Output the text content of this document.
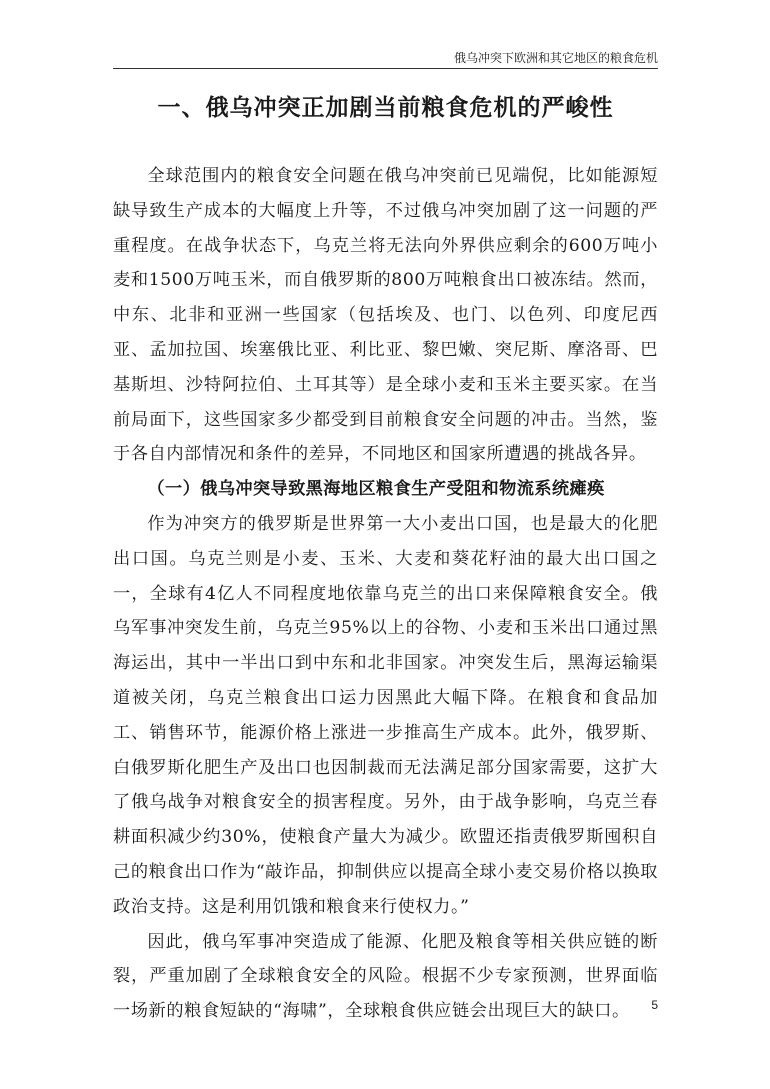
俄乌冲突下欧洲和其它地区的粮食危机
一、俄乌冲突正加剧当前粮食危机的严峻性

全球范围内的粮食安全问题在俄乌冲突前已见端倪，比如能源短缺导致生产成本的大幅度上升等，不过俄乌冲突加剧了这一问题的严重程度。在战争状态下，乌克兰将无法向外界供应剩余的600万吨小麦和1500万吨玉米，而自俄罗斯的800万吨粮食出口被冻结。然而，中东、北非和亚洲一些国家（包括埃及、也门、以色列、印度尼西亚、孟加拉国、埃塞俄比亚、利比亚、黎巴嫩、突尼斯、摩洛哥、巴基斯坦、沙特阿拉伯、土耳其等）是全球小麦和玉米主要买家。在当前局面下，这些国家多少都受到目前粮食安全问题的冲击。当然，鉴于各自内部情况和条件的差异，不同地区和国家所遭遇的挑战各异。

（一）俄乌冲突导致黑海地区粮食生产受阻和物流系统瘫痪

作为冲突方的俄罗斯是世界第一大小麦出口国，也是最大的化肥出口国。乌克兰则是小麦、玉米、大麦和葵花籽油的最大出口国之一，全球有4亿人不同程度地依靠乌克兰的出口来保障粮食安全。俄乌军事冲突发生前，乌克兰95%以上的谷物、小麦和玉米出口通过黑海运出，其中一半出口到中东和北非国家。冲突发生后，黑海运输渠道被关闭，乌克兰粮食出口运力因黑此大幅下降。在粮食和食品加工、销售环节，能源价格上涨进一步推高生产成本。此外，俄罗斯、白俄罗斯化肥生产及出口也因制裁而无法满足部分国家需要，这扩大了俄乌战争对粮食安全的损害程度。另外，由于战争影响，乌克兰春耕面积减少约30%，使粮食产量大为减少。欧盟还指责俄罗斯囤积自己的粮食出口作为“敲诈品，抑制供应以提高全球小麦交易价格以换取政治支持。这是利用饥饿和粮食来行使权力。”

因此，俄乌军事冲突造成了能源、化肥及粮食等相关供应链的断裂，严重加剧了全球粮食安全的风险。根据不少专家预测，世界面临一场新的粮食短缺的“海啸”，全球粮食供应链会出现巨大的缺口。	5
